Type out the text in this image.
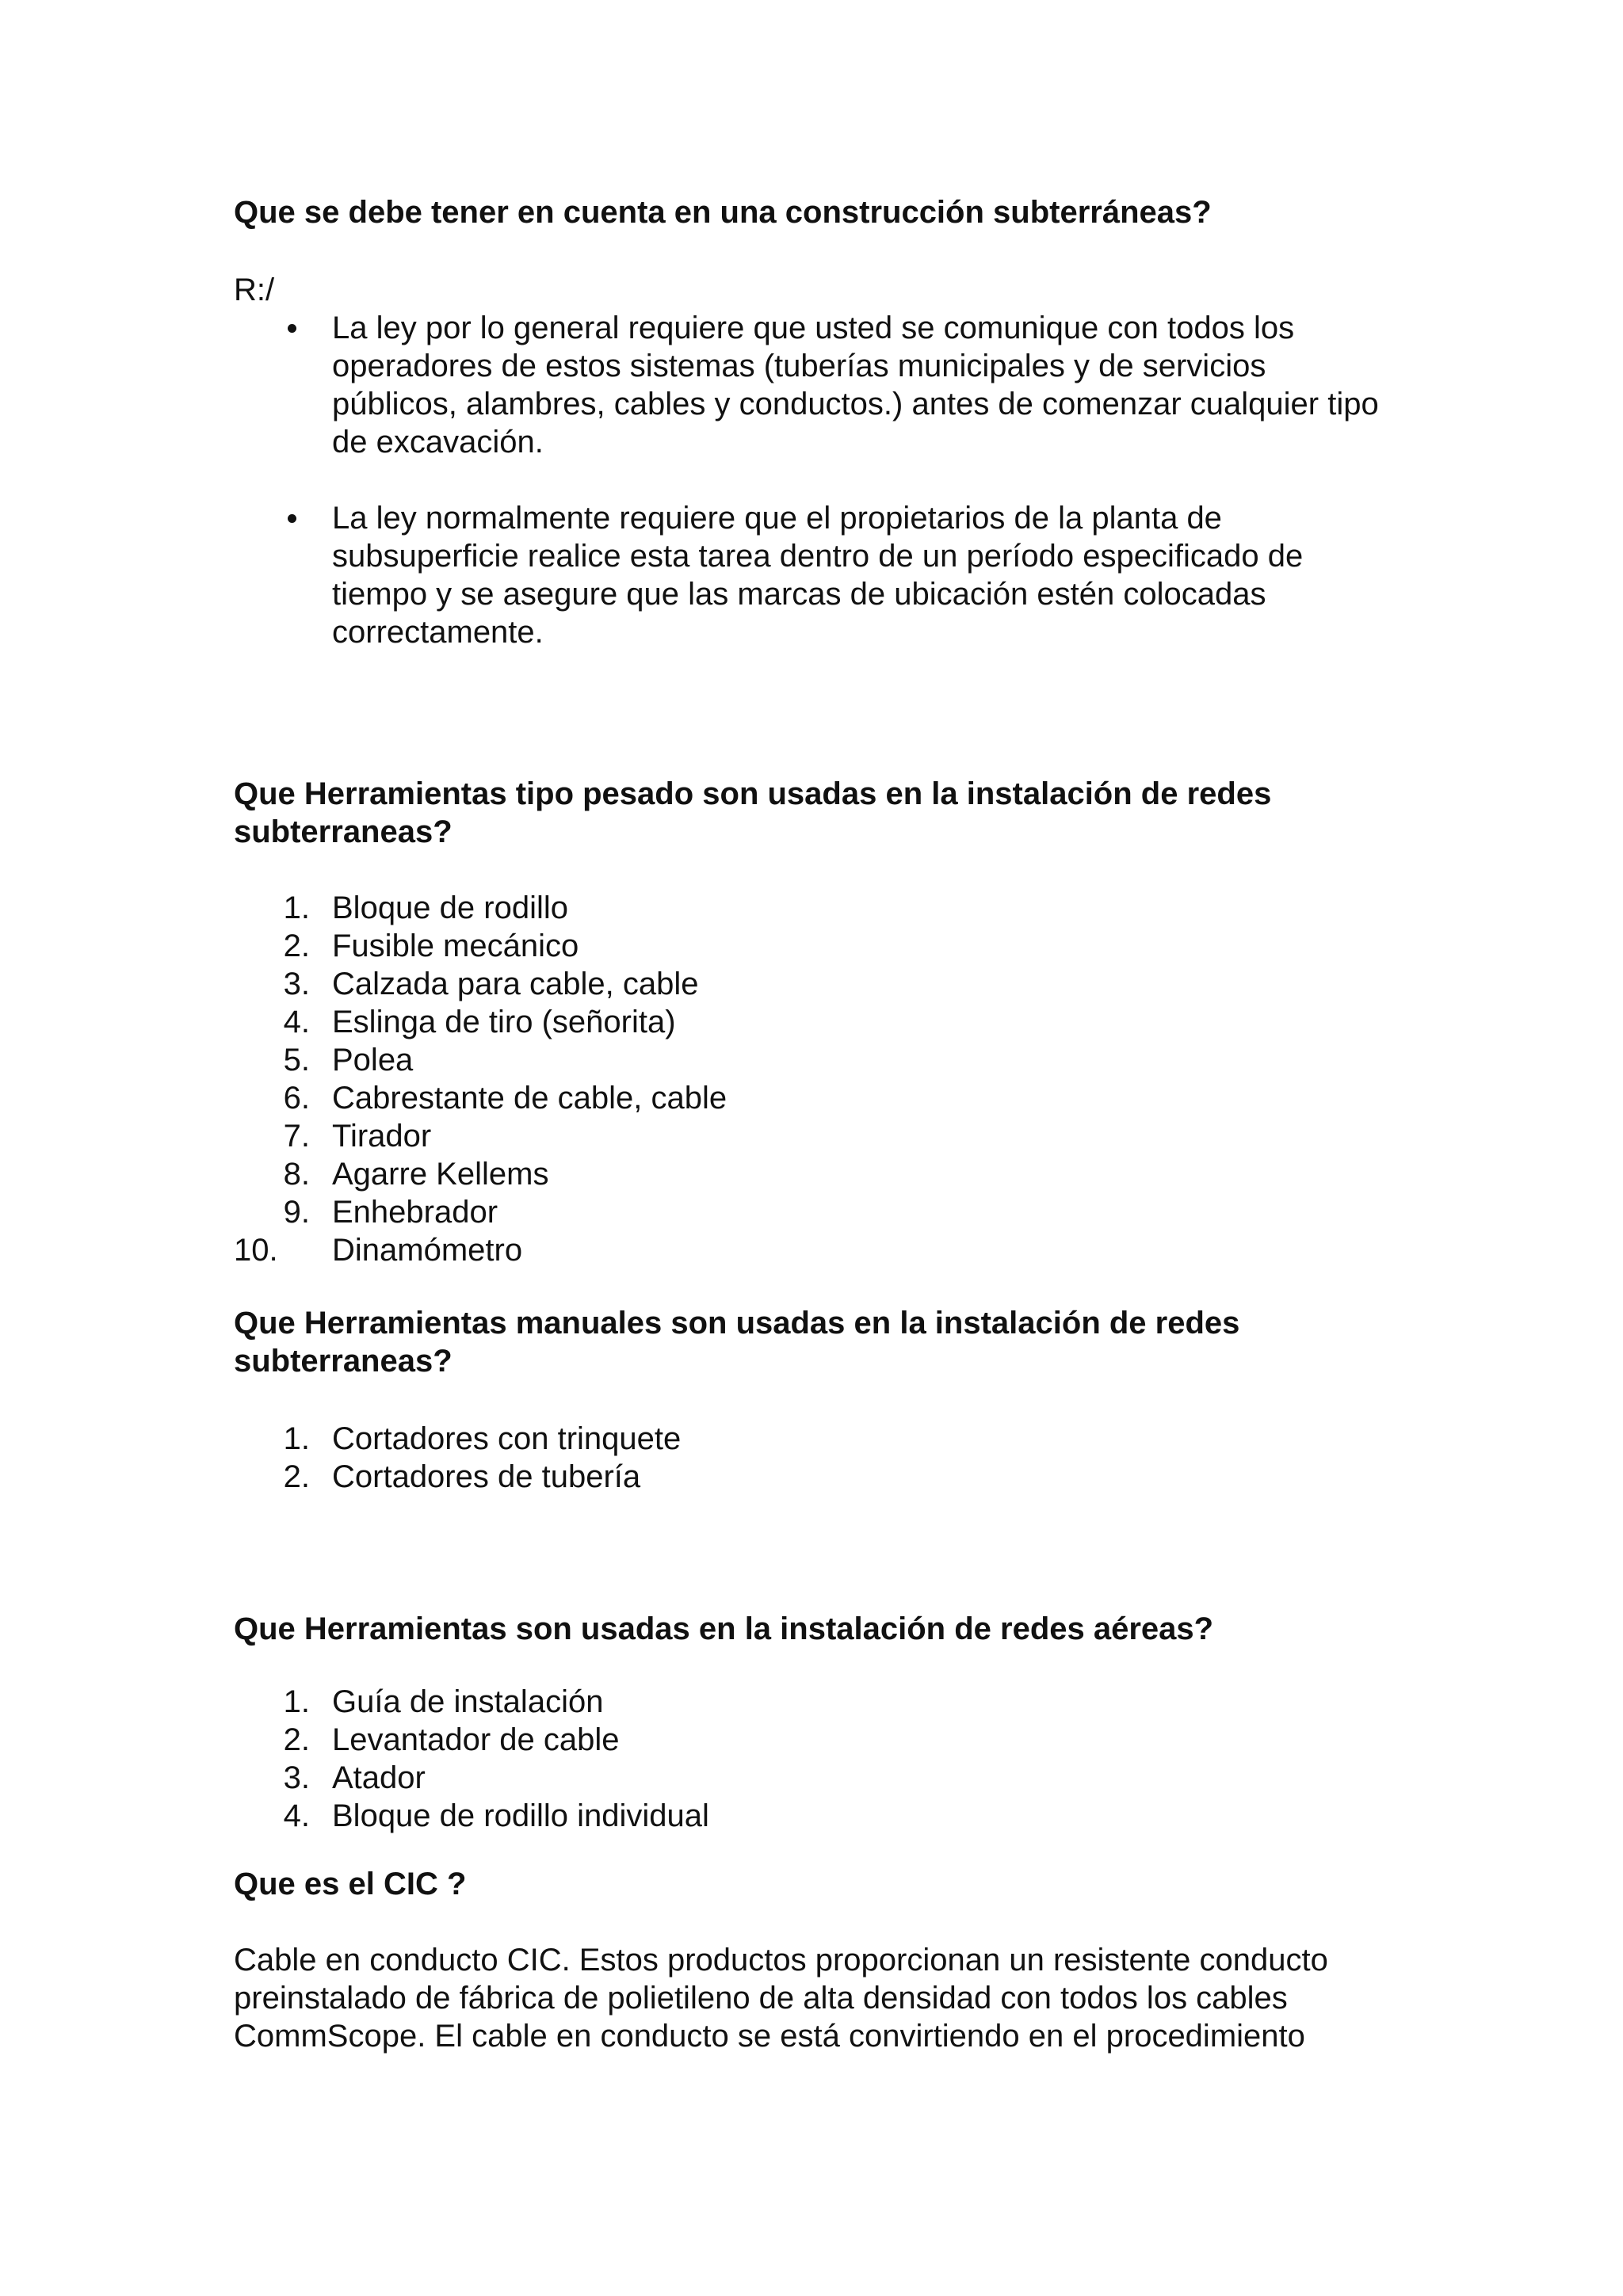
Que se debe tener en cuenta en una construcción subterráneas?

R:/

La ley por lo general requiere que usted se comunique con todos los operadores de estos sistemas (tuberías municipales y de servicios públicos, alambres, cables y conductos.) antes de comenzar cualquier tipo de excavación.
La ley normalmente requiere que el propietarios de la planta de subsuperficie realice esta tarea dentro de un período especificado de tiempo y se asegure que las marcas de ubicación estén colocadas correctamente.
Que Herramientas tipo pesado son usadas en la instalación de redes subterraneas?
1. Bloque de rodillo
2. Fusible mecánico
3. Calzada para cable, cable
4. Eslinga de tiro (señorita)
5. Polea
6. Cabrestante de cable, cable
7. Tirador
8. Agarre Kellems
9. Enhebrador
10.	Dinamómetro
Que Herramientas manuales son usadas en la instalación de redes subterraneas?
1. Cortadores con trinquete
2. Cortadores de tubería
Que Herramientas son usadas en la instalación de redes aéreas?
1. Guía de instalación
2. Levantador de cable
3. Atador
4. Bloque de rodillo individual
Que es el CIC ?

Cable en conducto CIC. Estos productos proporcionan un resistente conducto preinstalado de fábrica de polietileno de alta densidad con todos los cables CommScope. El cable en conducto se está convirtiendo en el procedimiento
